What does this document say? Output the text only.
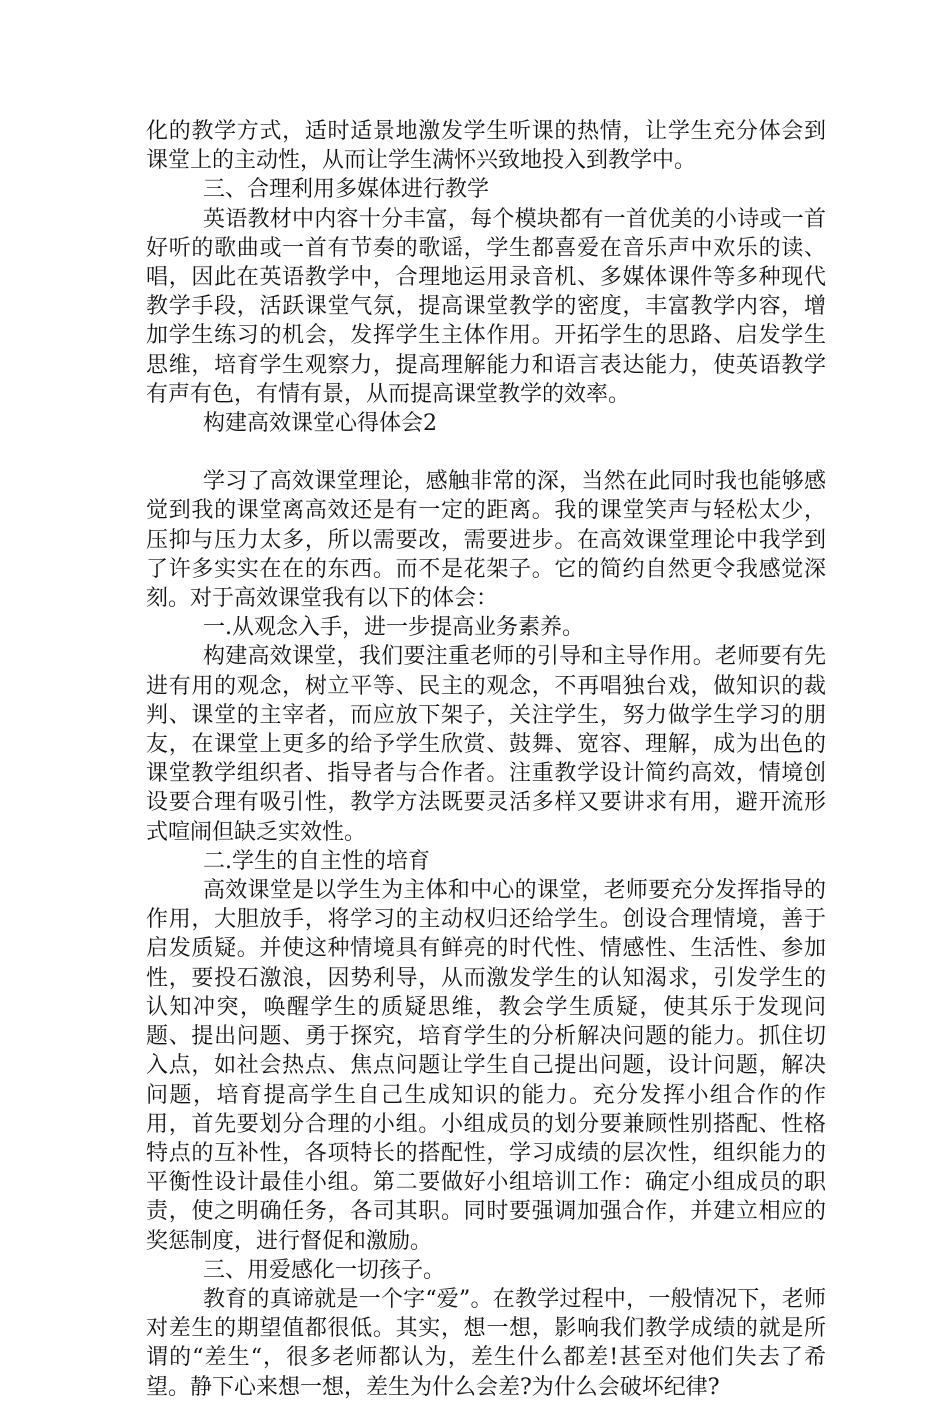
化的教学方式，适时适景地激发学生听课的热情，让学生充分体会到课堂上的主动性，从而让学生满怀兴致地投入到教学中。

三、合理利用多媒体进行教学

英语教材中内容十分丰富，每个模块都有一首优美的小诗或一首好听的歌曲或一首有节奏的歌谣，学生都喜爱在音乐声中欢乐的读、唱，因此在英语教学中，合理地运用录音机、多媒体课件等多种现代教学手段，活跃课堂气氛，提高课堂教学的密度，丰富教学内容，增加学生练习的机会，发挥学生主体作用。开拓学生的思路、启发学生思维，培育学生观察力，提高理解能力和语言表达能力，使英语教学有声有色，有情有景，从而提高课堂教学的效率。

构建高效课堂心得体会2

学习了高效课堂理论，感触非常的深，当然在此同时我也能够感觉到我的课堂离高效还是有一定的距离。我的课堂笑声与轻松太少，压抑与压力太多，所以需要改，需要进步。在高效课堂理论中我学到了许多实实在在的东西。而不是花架子。它的简约自然更令我感觉深刻。对于高效课堂我有以下的体会：

一.从观念入手，进一步提高业务素养。

构建高效课堂，我们要注重老师的引导和主导作用。老师要有先进有用的观念，树立平等、民主的观念，不再唱独台戏，做知识的裁判、课堂的主宰者，而应放下架子，关注学生，努力做学生学习的朋友，在课堂上更多的给予学生欣赏、鼓舞、宽容、理解，成为出色的课堂教学组织者、指导者与合作者。注重教学设计简约高效，情境创设要合理有吸引性，教学方法既要灵活多样又要讲求有用，避开流形式喧闹但缺乏实效性。

二.学生的自主性的培育

高效课堂是以学生为主体和中心的课堂，老师要充分发挥指导的作用，大胆放手，将学习的主动权归还给学生。创设合理情境，善于启发质疑。并使这种情境具有鲜亮的时代性、情感性、生活性、参加性，要投石激浪，因势利导，从而激发学生的认知渴求，引发学生的认知冲突，唤醒学生的质疑思维，教会学生质疑，使其乐于发现问题、提出问题、勇于探究，培育学生的分析解决问题的能力。抓住切入点，如社会热点、焦点问题让学生自己提出问题，设计问题，解决问题，培育提高学生自己生成知识的能力。充分发挥小组合作的作用，首先要划分合理的小组。小组成员的划分要兼顾性别搭配、性格特点的互补性，各项特长的搭配性，学习成绩的层次性，组织能力的平衡性设计最佳小组。第二要做好小组培训工作：确定小组成员的职责，使之明确任务，各司其职。同时要强调加强合作，并建立相应的奖惩制度，进行督促和激励。

三、用爱感化一切孩子。

教育的真谛就是一个字“爱”。在教学过程中，一般情况下，老师对差生的期望值都很低。其实，想一想，影响我们教学成绩的就是所谓的“差生“，很多老师都认为，差生什么都差!甚至对他们失去了希望。静下心来想一想，差生为什么会差?为什么会破坏纪律?
